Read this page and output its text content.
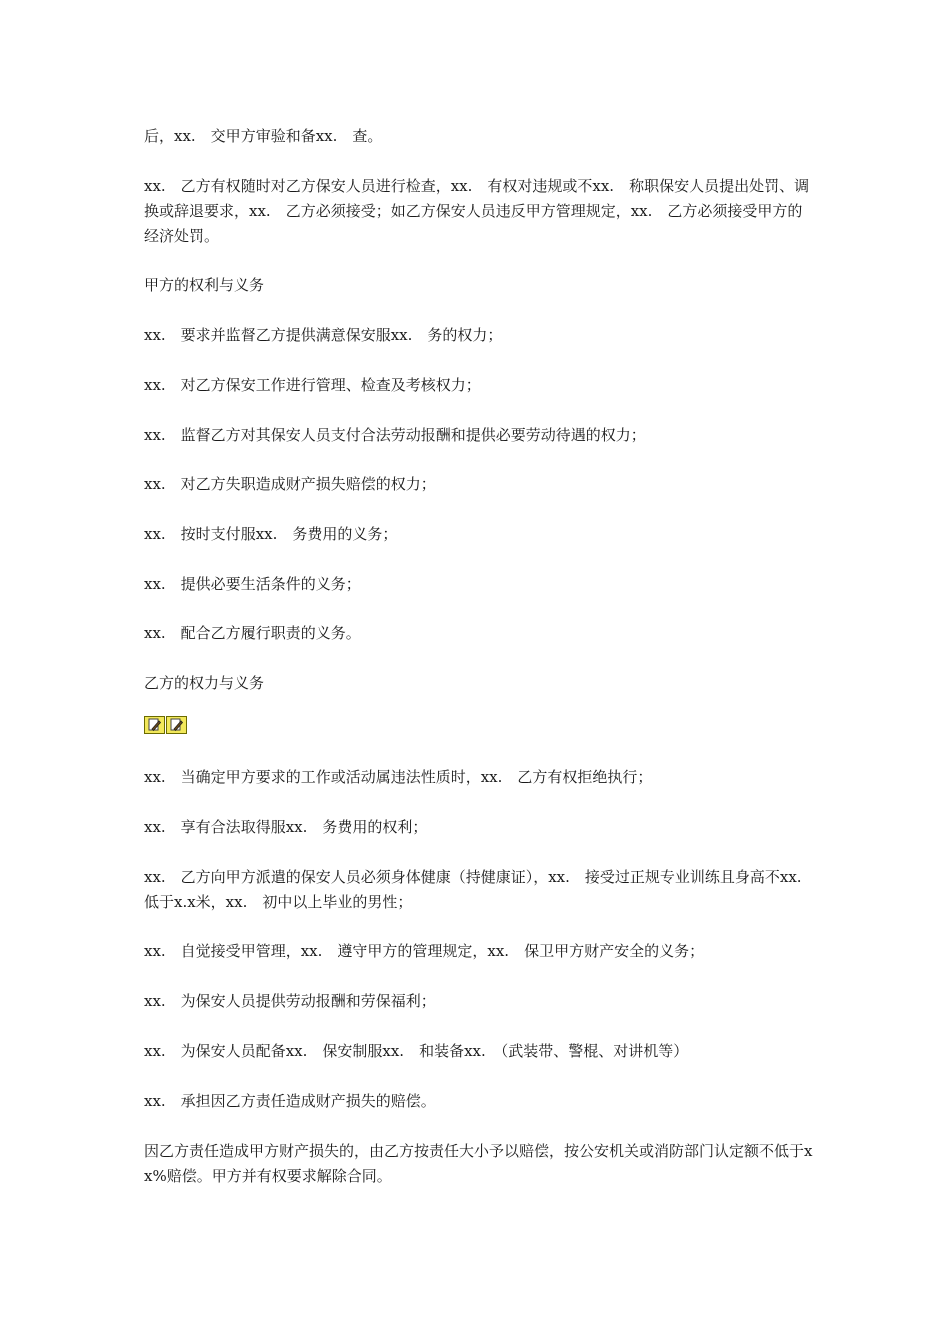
后，xx.　交甲方审验和备xx.　查。

xx.　乙方有权随时对乙方保安人员进行检查，xx.　有权对违规或不xx.　称职保安人员提出处罚、调换或辞退要求，xx.　乙方必须接受；如乙方保安人员违反甲方管理规定，xx.　乙方必须接受甲方的经济处罚。

甲方的权利与义务

xx.　要求并监督乙方提供满意保安服xx.　务的权力；

xx.　对乙方保安工作进行管理、检查及考核权力；

xx.　监督乙方对其保安人员支付合法劳动报酬和提供必要劳动待遇的权力；

xx.　对乙方失职造成财产损失赔偿的权力；

xx.　按时支付服xx.　务费用的义务；

xx.　提供必要生活条件的义务；

xx.　配合乙方履行职责的义务。

乙方的权力与义务

xx.　当确定甲方要求的工作或活动属违法性质时，xx.　乙方有权拒绝执行；

xx.　享有合法取得服xx.　务费用的权利；

xx.　乙方向甲方派遣的保安人员必须身体健康（持健康证），xx.　接受过正规专业训练且身高不xx.　低于x.x米，xx.　初中以上毕业的男性；

xx.　自觉接受甲管理，xx.　遵守甲方的管理规定，xx.　保卫甲方财产安全的义务；

xx.　为保安人员提供劳动报酬和劳保福利；

xx.　为保安人员配备xx.　保安制服xx.　和装备xx.　（武装带、警棍、对讲机等）

xx.　承担因乙方责任造成财产损失的赔偿。

因乙方责任造成甲方财产损失的，由乙方按责任大小予以赔偿，按公安机关或消防部门认定额不低于xx%赔偿。甲方并有权要求解除合同。
